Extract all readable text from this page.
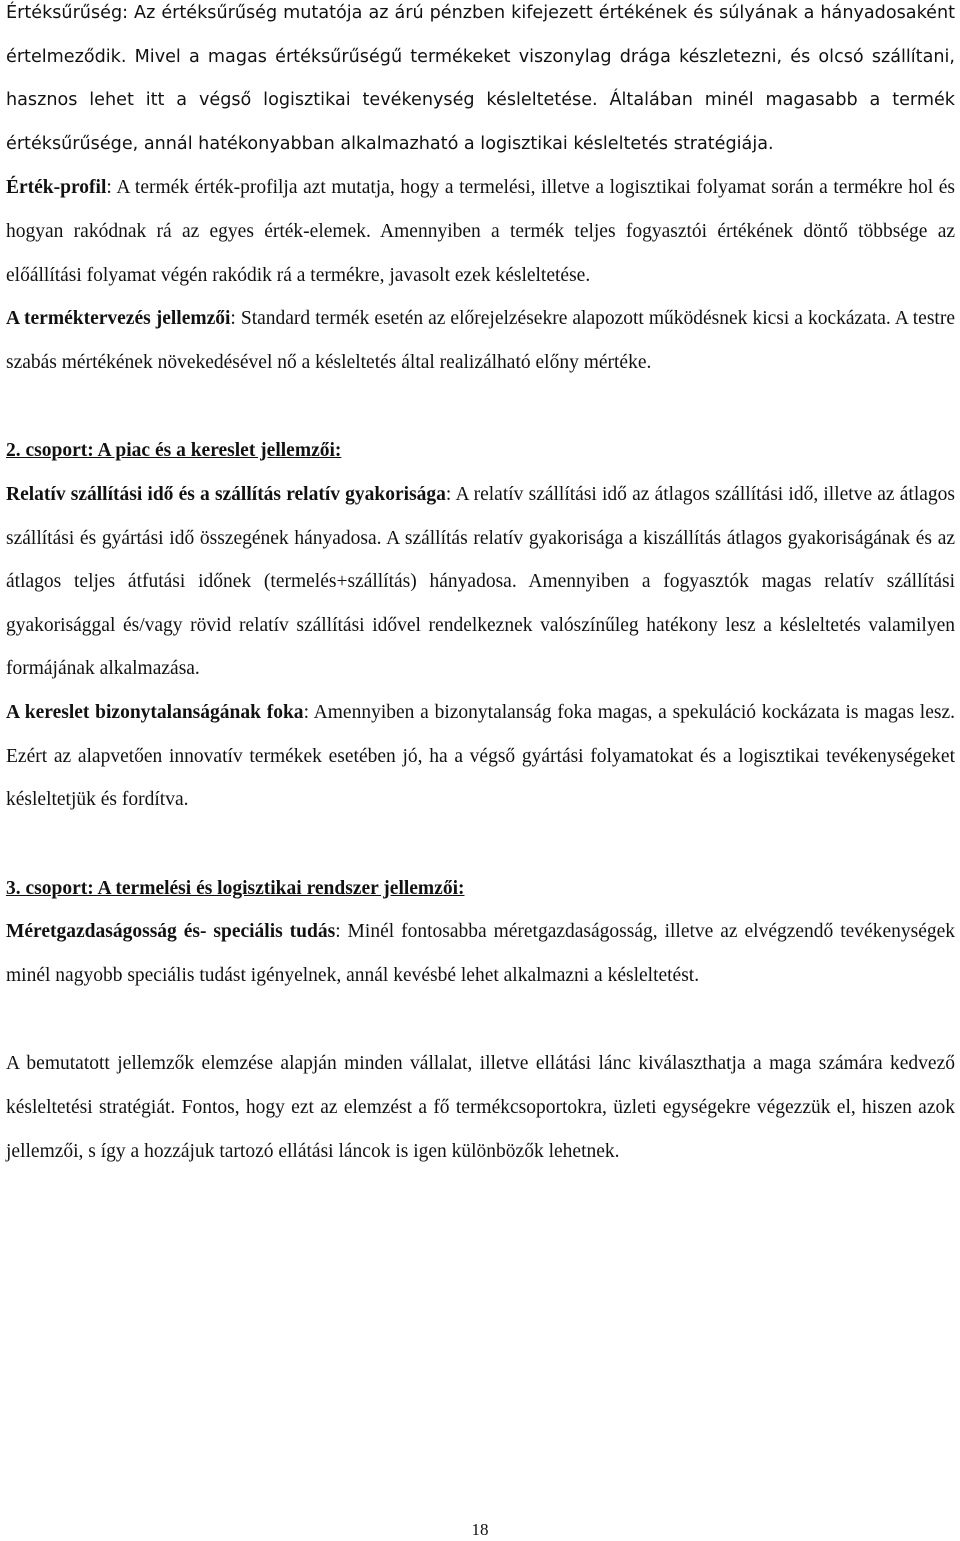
Értéksűrűség: Az értéksűrűség mutatója az árú pénzben kifejezett értékének és súlyának a hányadosaként értelmeződik. Mivel a magas értéksűrűségű termékeket viszonylag drága készletezni, és olcsó szállítani, hasznos lehet itt a végső logisztikai tevékenység késleltetése. Általában minél magasabb a termék értéksűrűsége, annál hatékonyabban alkalmazható a logisztikai késleltetés stratégiája.

Érték-profil: A termék érték-profilja azt mutatja, hogy a termelési, illetve a logisztikai folyamat során a termékre hol és hogyan rakódnak rá az egyes érték-elemek. Amennyiben a termék teljes fogyasztói értékének döntő többsége az előállítási folyamat végén rakódik rá a termékre, javasolt ezek késleltetése.

A terméktervezés jellemzői: Standard termék esetén az előrejelzésekre alapozott működésnek kicsi a kockázata. A testre szabás mértékének növekedésével nő a késleltetés által realizálható előny mértéke.

2. csoport: A piac és a kereslet jellemzői:

Relatív szállítási idő és a szállítás relatív gyakorisága: A relatív szállítási idő az átlagos szállítási idő, illetve az átlagos szállítási és gyártási idő összegének hányadosa. A szállítás relatív gyakorisága a kiszállítás átlagos gyakoriságának és az átlagos teljes átfutási időnek (termelés+szállítás) hányadosa. Amennyiben a fogyasztók magas relatív szállítási gyakorisággal és/vagy rövid relatív szállítási idővel rendelkeznek valószínűleg hatékony lesz a késleltetés valamilyen formájának alkalmazása.

A kereslet bizonytalanságának foka: Amennyiben a bizonytalanság foka magas, a spekuláció kockázata is magas lesz. Ezért az alapvetően innovatív termékek esetében jó, ha a végső gyártási folyamatokat és a logisztikai tevékenységeket késleltetjük és fordítva.

3. csoport: A termelési és logisztikai rendszer jellemzői:

Méretgazdaságosság és- speciális tudás: Minél fontosabba méretgazdaságosság, illetve az elvégzendő tevékenységek minél nagyobb speciális tudást igényelnek, annál kevésbé lehet alkalmazni a késleltetést.

A bemutatott jellemzők elemzése alapján minden vállalat, illetve ellátási lánc kiválaszthatja a maga számára kedvező késleltetési stratégiát. Fontos, hogy ezt az elemzést a fő termékcsoportokra, üzleti egységekre végezzük el, hiszen azok jellemzői, s így a hozzájuk tartozó ellátási láncok is igen különbözők lehetnek.

18
